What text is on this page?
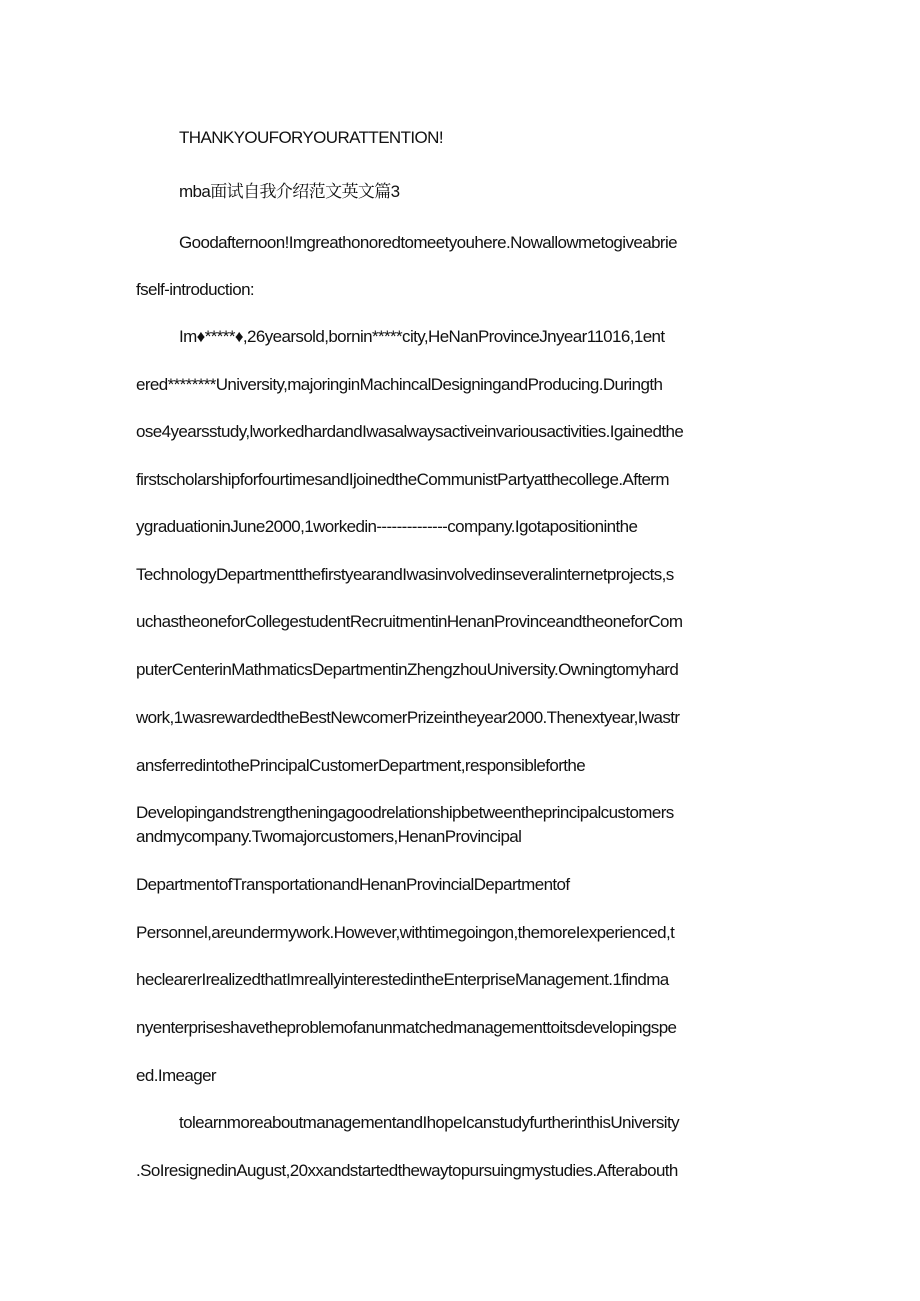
THANKYOUFORYOURATTENTION!
mba面试自我介绍范文英文篇3
Goodafternoon!Imgreathonoredtomeetyouhere.Nowallowmetogiveabrie
fself-introduction:
Im♦*****♦,26yearsold,bornin*****city,HeNanProvinceJnyear11016,1ent
ered********University,majoringinMachincalDesigningandProducing.Duringth
ose4yearsstudy,lworkedhardandIwasalwaysactiveinvariousactivities.Igainedthe
firstscholarshipforfourtimesandIjoinedtheCommunistPartyatthecollege.Afterm
ygraduationinJune2000,1workedin--------------company.Igotapositioninthe
TechnologyDepartmentthefirstyearandIwasinvolvedinseveralinternetprojects,s
uchastheoneforCollegestudentRecruitmentinHenanProvinceandtheoneforCom
puterCenterinMathmaticsDepartmentinZhengzhouUniversity.Owningtomyhard
work,1wasrewardedtheBestNewcomerPrizeintheyear2000.Thenextyear,Iwastr
ansferredintothePrincipalCustomerDepartment,responsibleforthe
Developingandstrengtheningagoodrelationshipbetweentheprincipalcustomers
andmycompany.Twomajorcustomers,HenanProvincipal
DepartmentofTransportationandHenanProvincialDepartmentof
Personnel,areundermywork.However,withtimegoingon,themoreIexperienced,t
heclearerIrealizedthatImreallyinterestedintheEnterpriseManagement.1findma
nyenterpriseshavetheproblemofanunmatchedmanagementtoitsdevelopingspe
ed.Imeager
tolearnmoreaboutmanagementandIhopeIcanstudyfurtherinthisUniversity
.SoIresignedinAugust,20xxandstartedthewaytopursuingmystudies.Afterabouth
